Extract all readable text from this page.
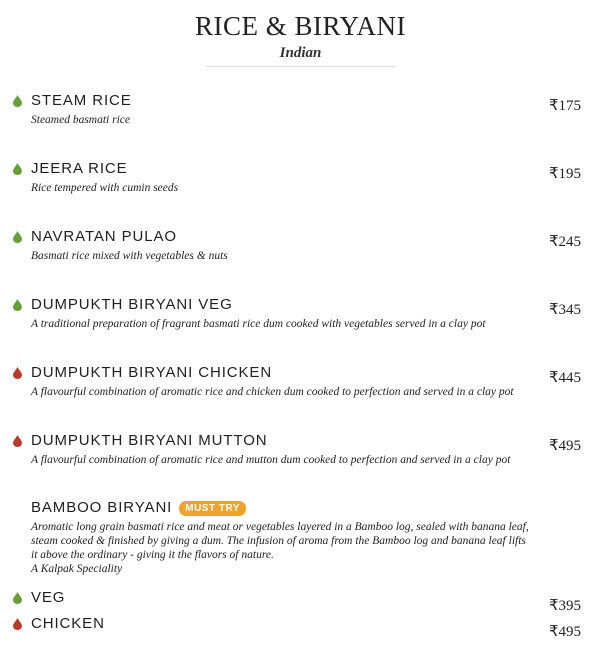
RICE & BIRYANI
Indian
STEAM RICE
Steamed basmati rice
₹175
JEERA RICE
Rice tempered with cumin seeds
₹195
NAVRATAN PULAO
Basmati rice mixed with vegetables & nuts
₹245
DUMPUKTH BIRYANI VEG
A traditional preparation of fragrant basmati rice dum cooked with vegetables served in a clay pot
₹345
DUMPUKTH BIRYANI CHICKEN
A flavourful combination of aromatic rice and chicken dum cooked to perfection and served in a clay pot
₹445
DUMPUKTH BIRYANI MUTTON
A flavourful combination of aromatic rice and mutton dum cooked to perfection and served in a clay pot
₹495
BAMBOO BIRYANI MUST TRY
Aromatic long grain basmati rice and meat or vegetables layered in a Bamboo log, sealed with banana leaf, steam cooked & finished by giving a dum. The infusion of aroma from the Bamboo log and banana leaf lifts it above the ordinary - giving it the flavors of nature.
A Kalpak Speciality
VEG	₹395
CHICKEN	₹495
